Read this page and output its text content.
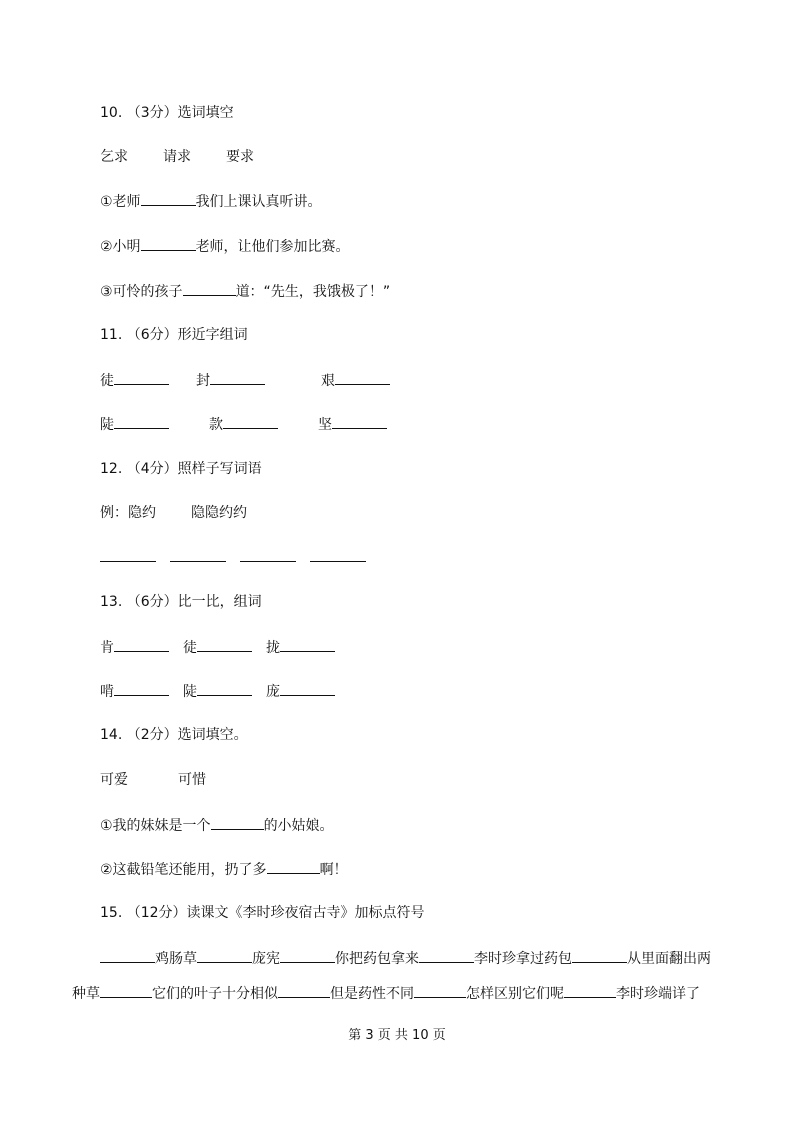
10. （3分）选词填空
乞求	请求	要求
①老师	我们上课认真听讲。
②小明	老师，让他们参加比赛。
③可怜的孩子	道：“先生，我饿极了！”
11. （6分）形近字组词
徒	封	艰
陡	款	坚
12. （4分）照样子写词语
例：隐约	隐隐约约
13. （6分）比一比，组词
肯	徒	拢
啃	陡	庞
14. （2分）选词填空。
可爱	可惜
①我的妹妹是一个	的小姑娘。
②这截铅笔还能用，扔了多	啊！
15. （12分）读课文《李时珍夜宿古寺》加标点符号
鸡肠草	庞宪	你把药包拿来	李时珍拿过药包	从里面翻出两
种草	它们的叶子十分相似	但是药性不同	怎样区别它们呢	李时珍端详了
第 3 页 共 10 页
